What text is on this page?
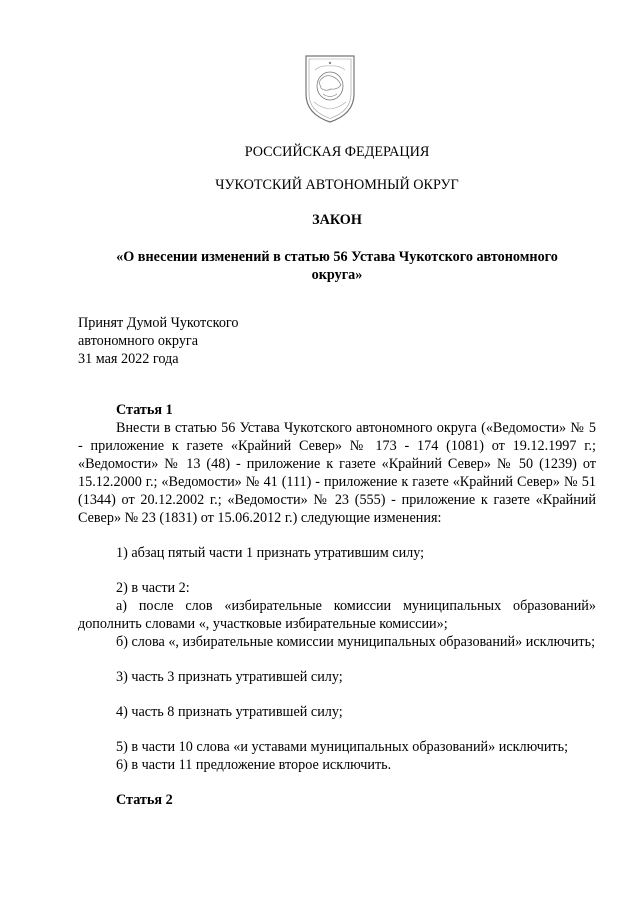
РОССИЙСКАЯ ФЕДЕРАЦИЯ
ЧУКОТСКИЙ АВТОНОМНЫЙ ОКРУГ
ЗАКОН
«О внесении изменений в статью 56 Устава Чукотского автономного
округа»
Принят Думой Чукотского
автономного округа
31 мая 2022 года
Статья 1

Внести в статью 56 Устава Чукотского автономного округа («Ведомости» № 5 - приложение к газете «Крайний Север» № 173 - 174 (1081) от 19.12.1997 г.; «Ведомости» № 13 (48) - приложение к газете «Крайний Север» № 50 (1239) от 15.12.2000 г.; «Ведомости» № 41 (111) - приложение к газете «Крайний Север» № 51 (1344) от 20.12.2002 г.; «Ведомости» № 23 (555) - приложение к газете «Крайний Север» № 23 (1831) от 15.06.2012 г.) следующие изменения:

1) абзац пятый части 1 признать утратившим силу;

2) в части 2:

а) после слов «избирательные комиссии муниципальных образований» дополнить словами «, участковые избирательные комиссии»;

б) слова «, избирательные комиссии муниципальных образований» исключить;

3) часть 3 признать утратившей силу;

4) часть 8 признать утратившей силу;

5) в части 10 слова «и уставами муниципальных образований» исключить;

6) в части 11 предложение второе исключить.

Статья 2
